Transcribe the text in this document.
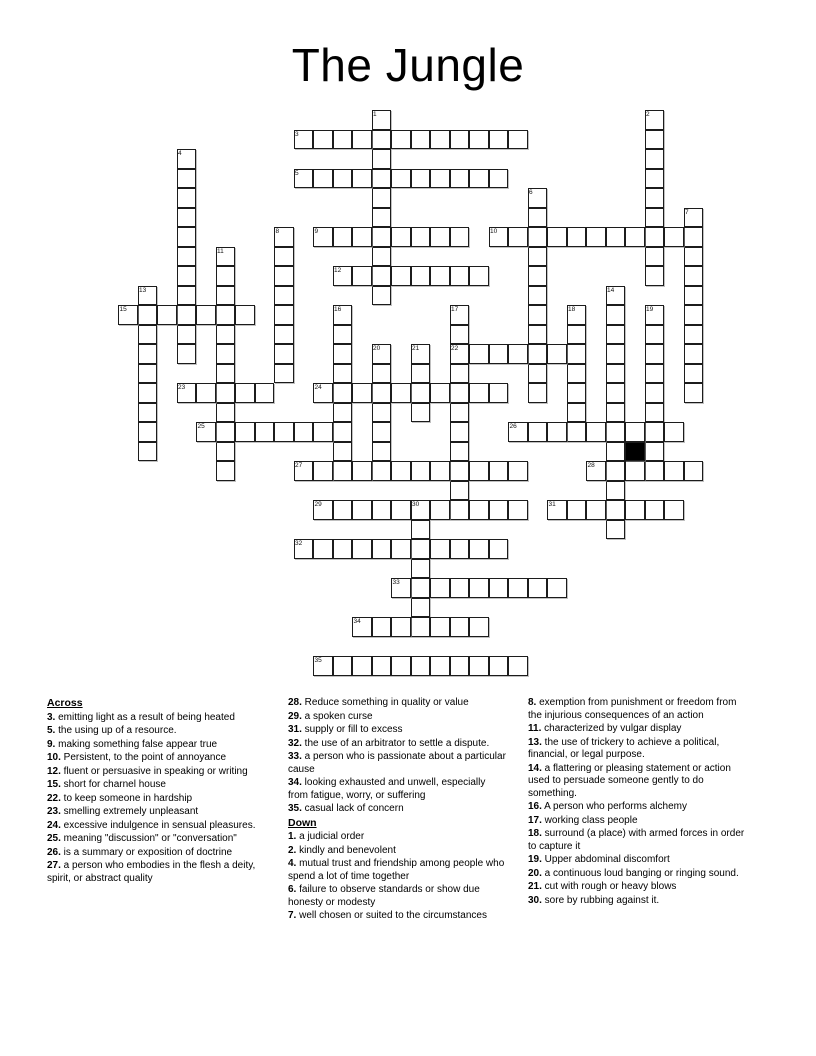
The Jungle
1	2
3
4
5
6
7
8	9	10
11
12
13	14
15	16	17
22
18	19
20	21
23	24
25	26
27	28
29	30	31
32
33
34
35

Across

3. emitting light as a result of being heated

5. the using up of a resource.

9. making something false appear true

10. Persistent, to the point of annoyance

12. fluent or persuasive in speaking or writing

15. short for charnel house

22. to keep someone in hardship

23. smelling extremely unpleasant

24. excessive indulgence in sensual pleasures.

25. meaning "discussion" or "conversation"

26. is a summary or exposition of doctrine

27. a person who embodies in the flesh a deity, spirit, or abstract quality

28. Reduce something in quality or value

29. a spoken curse

31. supply or fill to excess

32. the use of an arbitrator to settle a dispute.

33. a person who is passionate about a particular cause

34. looking exhausted and unwell, especially from fatigue, worry, or suffering

35. casual lack of concern

Down

1. a judicial order

2. kindly and benevolent

4. mutual trust and friendship among people who spend a lot of time together

6. failure to observe standards or show due honesty or modesty

7. well chosen or suited to the circumstances

8. exemption from punishment or freedom from the injurious consequences of an action

11. characterized by vulgar display

13. the use of trickery to achieve a political, financial, or legal purpose.

14. a flattering or pleasing statement or action used to persuade someone gently to do something.

16. A person who performs alchemy

17. working class people

18. surround (a place) with armed forces in order to capture it

19. Upper abdominal discomfort

20. a continuous loud banging or ringing sound.

21. cut with rough or heavy blows

30. sore by rubbing against it.
